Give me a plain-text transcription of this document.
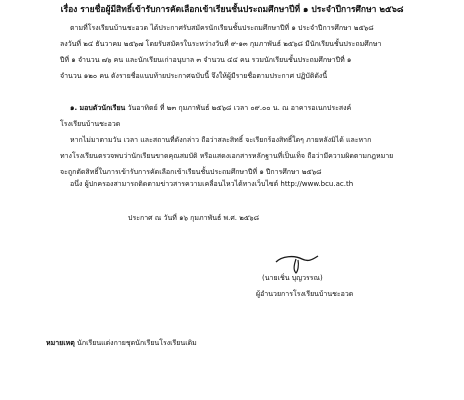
เรื่อง รายชื่อผู้มีสิทธิ์เข้ารับการคัดเลือกเข้าเรียนชั้นประถมศึกษาปีที่ ๑ ประจำปีการศึกษา ๒๕๖๘
ตามที่โรงเรียนบ้านชะอวด ได้ประกาศรับสมัครนักเรียนชั้นประถมศึกษาปีที่ ๑ ประจำปีการศึกษา ๒๕๖๘
ลงวันที่ ๒๔ ธันวาคม ๒๕๖๗ โดยรับสมัครในระหว่างวันที่ ๙-๑๓ กุมภาพันธ์ ๒๕๖๘ มีนักเรียนชั้นประถมศึกษา
ปีที่ ๑ จำนวน ๗๖ คน และนักเรียนเก่าอนุบาล ๓ จำนวน ๔๔ คน รวมนักเรียนชั้นประถมศึกษาปีที่ ๑
จำนวน ๑๒๐ คน ดังรายชื่อแนบท้ายประกาศฉบับนี้ จึงให้ผู้มีรายชื่อตามประกาศ ปฏิบัติดังนี้
๑. มอบตัวนักเรียน วันอาทิตย์ ที่ ๒๓ กุมภาพันธ์ ๒๕๖๘ เวลา ๐๙.๐๐ น. ณ อาคารอเนกประสงค์
โรงเรียนบ้านชะอวด
หากไม่มาตามวัน เวลา และสถานที่ดังกล่าว ถือว่าสละสิทธิ์ จะเรียกร้องสิทธิ์ใดๆ ภายหลังมิได้ และหาก
ทางโรงเรียนตรวจพบว่านักเรียนขาดคุณสมบัติ หรือแสดงเอกสารหลักฐานที่เป็นเท็จ ถือว่ามีความผิดตามกฎหมาย
จะถูกตัดสิทธิ์ในการเข้ารับการคัดเลือกเข้าเรียนชั้นประถมศึกษาปีที่ ๑ ปีการศึกษา ๒๕๖๘
อนึ่ง ผู้ปกครองสามารถติดตามข่าวสารความเคลื่อนไหวได้ทางเว็บไซต์ http://www.bcu.ac.th
ประกาศ ณ วันที่ ๑๖ กุมภาพันธ์ พ.ศ. ๒๕๖๘
(นายเชิ่น บุญวรรณ)
ผู้อำนวยการโรงเรียนบ้านชะอวด
หมายเหตุ นักเรียนแต่งกายชุดนักเรียนโรงเรียนเดิม
